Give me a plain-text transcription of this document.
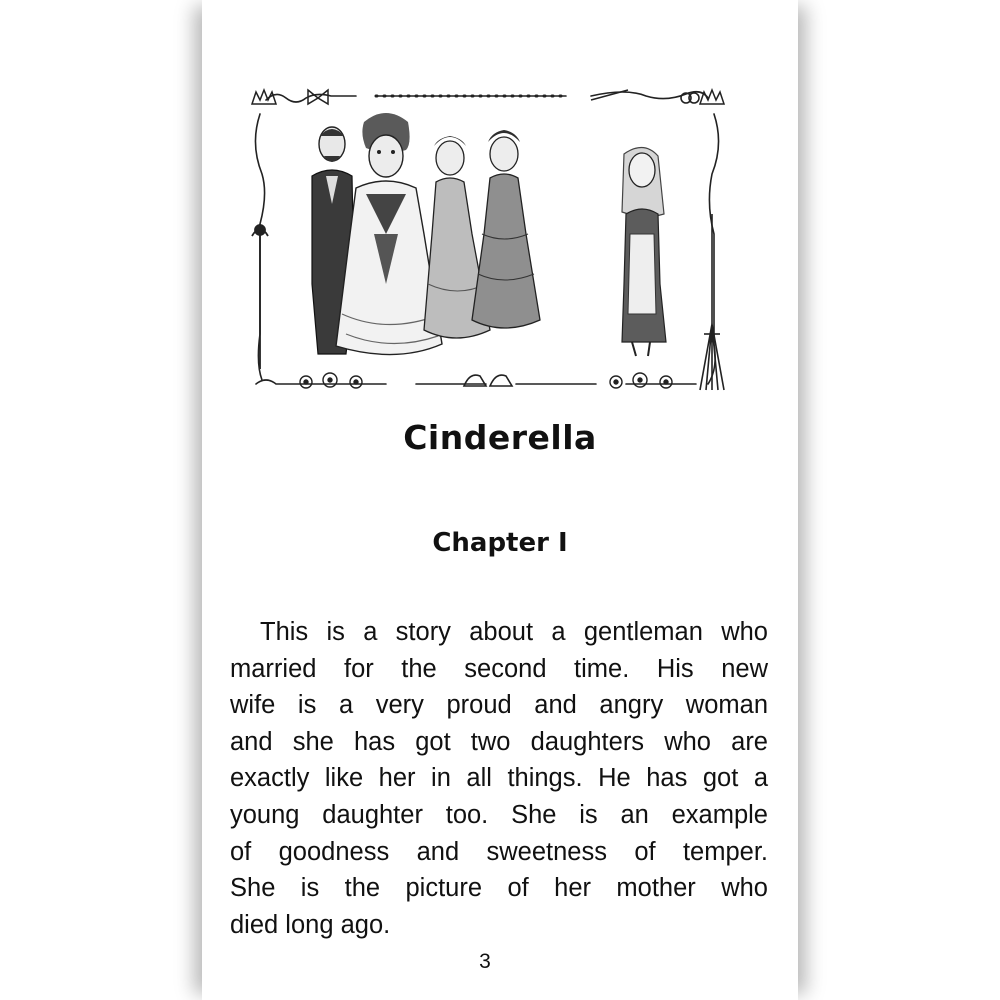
Cinderella
Chapter I

This is a story about a gentleman who
married for the second time. His new
wife is a very proud and angry woman
and she has got two daughters who are
exactly like her in all things. He has got a
young daughter too. She is an example
of goodness and sweetness of temper.
She is the picture of her mother who
died long ago.

3
